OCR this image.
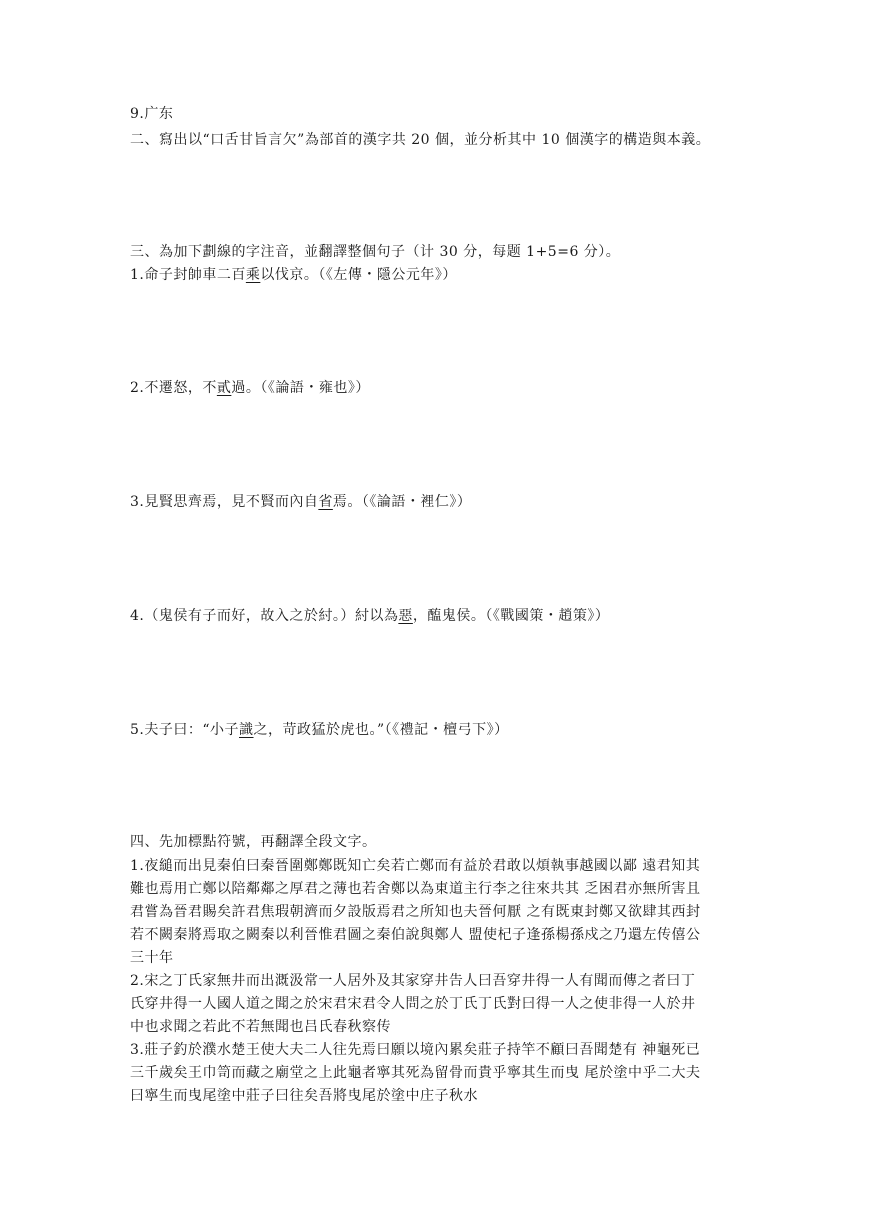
9.广东
二、寫出以“口舌甘旨言欠”為部首的漢字共 20 個，並分析其中 10 個漢字的構造與本義。
三、為加下劃線的字注音，並翻譯整個句子（计 30 分，每题 1+5=6 分）。
1.命子封帥車二百乘以伐京。（《左傳・隱公元年》）
2.不遷怒，不貳過。（《論語・雍也》）
3.見賢思齊焉，見不賢而內自省焉。（《論語・裡仁》）
4.（鬼侯有子而好，故入之於紂。）紂以為惡，醢鬼侯。（《戰國策・趙策》）
5.夫子曰：“小子識之，苛政猛於虎也。”（《禮記・檀弓下》）
四、先加標點符號，再翻譯全段文字。
1.夜縋而出見秦伯曰秦晉圍鄭鄭既知亡矣若亡鄭而有益於君敢以煩執事越國以鄙 遠君知其
難也焉用亡鄭以陪鄰鄰之厚君之薄也若舍鄭以為東道主行李之往來共其 乏困君亦無所害且
君嘗為晉君賜矣許君焦瑕朝濟而夕設版焉君之所知也夫晉何厭 之有既東封鄭又欲肆其西封
若不闕秦將焉取之闕秦以利晉惟君圖之秦伯說與鄭人 盟使杞子逢孫楊孫戍之乃還左传僖公
三十年
2.宋之丁氏家無井而出溉汲常一人居外及其家穿井告人曰吾穿井得一人有聞而傳之者曰丁
氏穿井得一人國人道之聞之於宋君宋君令人問之於丁氏丁氏對曰得一人之使非得一人於井
中也求聞之若此不若無聞也吕氏春秋察传
3.莊子釣於濮水楚王使大夫二人往先焉曰願以境內累矣莊子持竿不顧曰吾聞楚有 神龜死已
三千歲矣王巾笥而藏之廟堂之上此龜者寧其死為留骨而貴乎寧其生而曳 尾於塗中乎二大夫
曰寧生而曳尾塗中莊子曰往矣吾將曳尾於塗中庄子秋水
